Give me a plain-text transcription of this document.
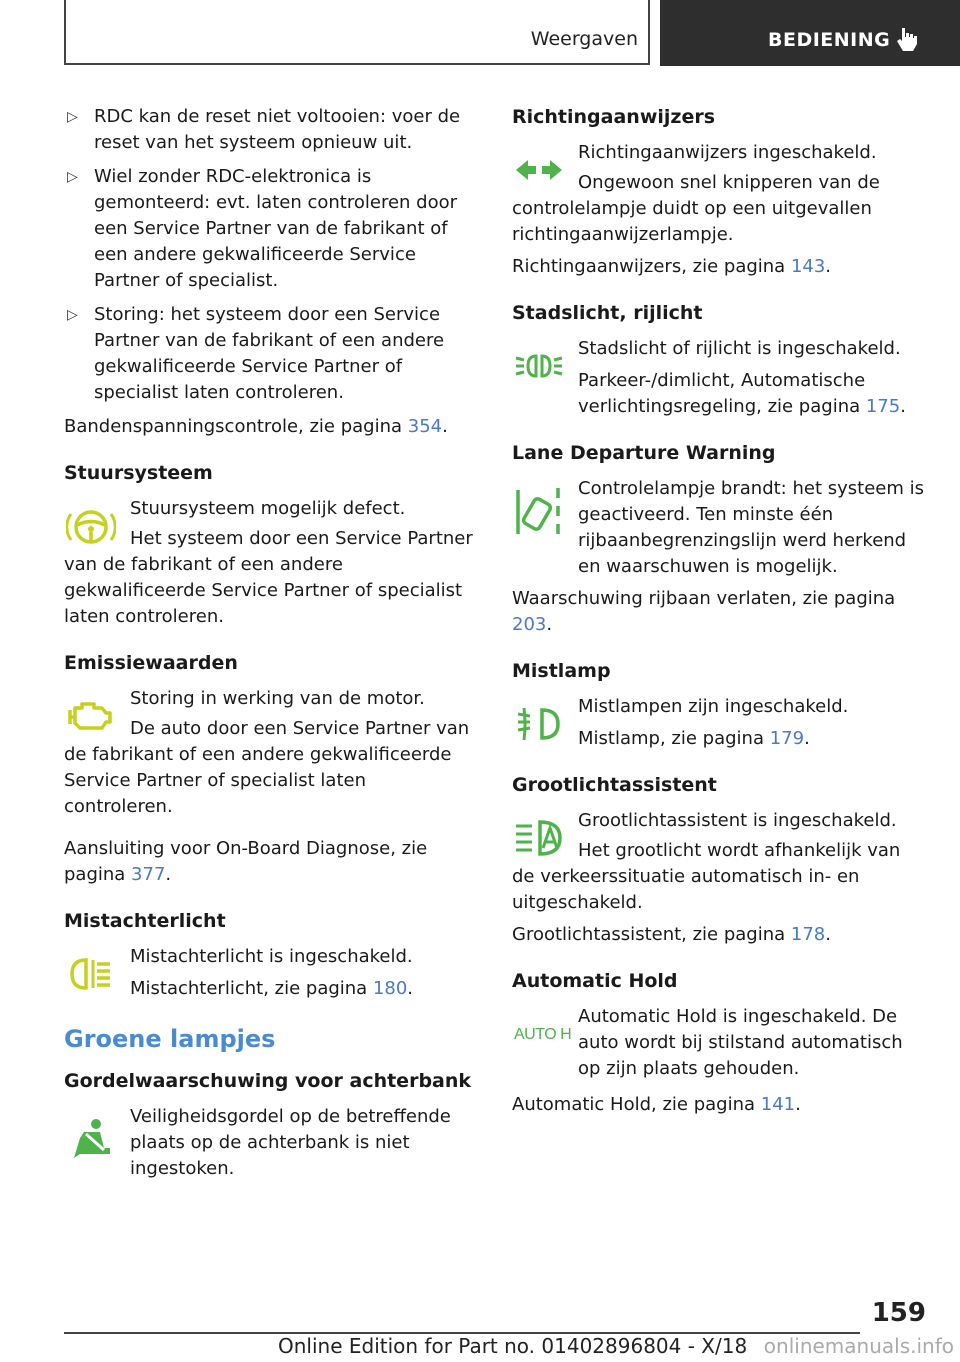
Weergaven	BEDIENING
▷ RDC kan de reset niet voltooien: voer de reset van het systeem opnieuw uit.
▷ Wiel zonder RDC-elektronica is gemonteerd: evt. laten controleren door een Service Partner van de fabrikant of een andere gekwalificeerde Service Partner of specialist.
▷ Storing: het systeem door een Service Partner van de fabrikant of een andere gekwalificeerde Service Partner of specialist laten controleren.

Bandenspanningscontrole, zie pagina 354.

Stuursysteem

Stuursysteem mogelijk defect.

Het systeem door een Service Partner van de fabrikant of een andere gekwalificeerde Service Partner of specialist laten controleren.

Emissiewaarden

Storing in werking van de motor.

De auto door een Service Partner van de fabrikant of een andere gekwalificeerde Service Partner of specialist laten controleren.

Aansluiting voor On-Board Diagnose, zie pagina 377.

Mistachterlicht

Mistachterlicht is ingeschakeld.

Mistachterlicht, zie pagina 180.

Groene lampjes
Gordelwaarschuwing voor achterbank

Veiligheidsgordel op de betreffende plaats op de achterbank is niet ingestoken.

Richtingaanwijzers

Richtingaanwijzers ingeschakeld.

Ongewoon snel knipperen van de controlelampje duidt op een uitgevallen richtingaanwijzerlampje.

Richtingaanwijzers, zie pagina 143.

Stadslicht, rijlicht

Stadslicht of rijlicht is ingeschakeld.

Parkeer-/dimlicht, Automatische verlichtingsregeling, zie pagina 175.

Lane Departure Warning

Controlelampje brandt: het systeem is geactiveerd. Ten minste één rijbaanbegrenzingslijn werd herkend en waarschuwen is mogelijk.

Waarschuwing rijbaan verlaten, zie pagina 203.

Mistlamp

Mistlampen zijn ingeschakeld.

Mistlamp, zie pagina 179.

Grootlichtassistent

Grootlichtassistent is ingeschakeld.

Het grootlicht wordt afhankelijk van de verkeerssituatie automatisch in- en uitgeschakeld.

Grootlichtassistent, zie pagina 178.

Automatic Hold
AUTO H

Automatic Hold is ingeschakeld. De auto wordt bij stilstand automatisch op zijn plaats gehouden.

Automatic Hold, zie pagina 141.

159
Online Edition for Part no. 01402896804 - X/18 onlinemanuals.info
